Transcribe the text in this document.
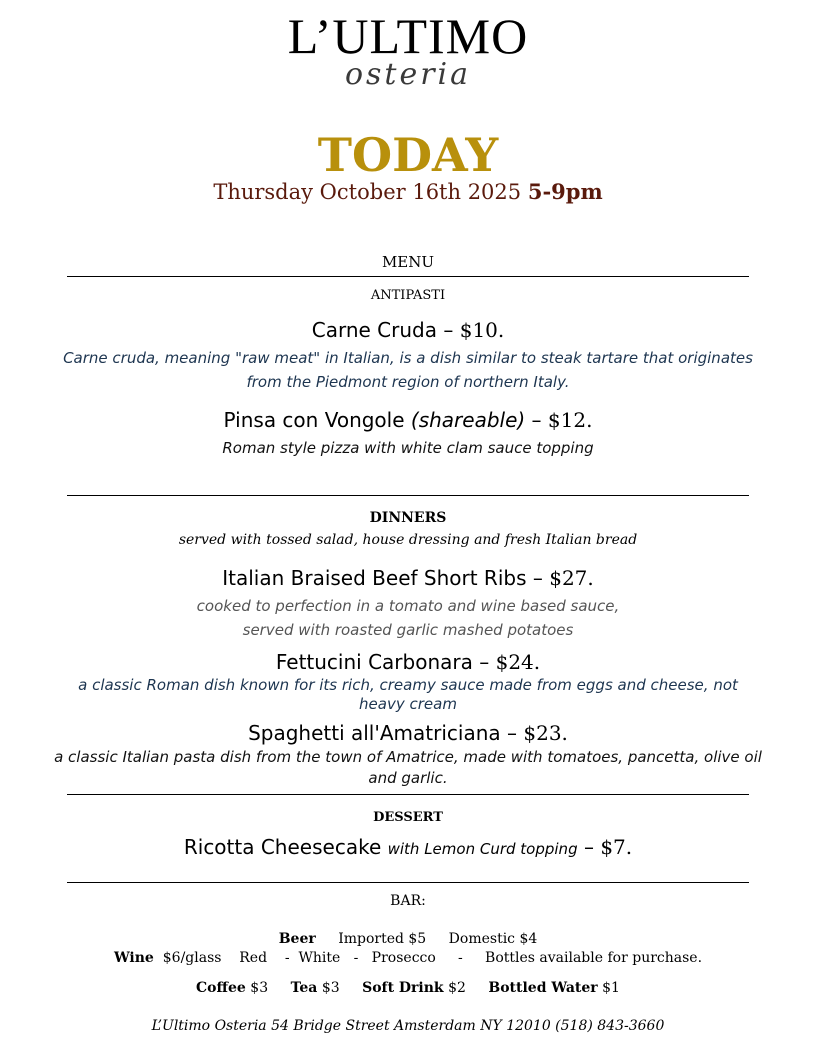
L’ULTIMO
osteria
TODAY
Thursday October 16th 2025 5-9pm
MENU
ANTIPASTI
Carne Cruda – $10.
Carne cruda, meaning "raw meat" in Italian, is a dish similar to steak tartare that originates from the Piedmont region of northern Italy.
Pinsa con Vongole (shareable) – $12.
Roman style pizza with white clam sauce topping
DINNERS
served with tossed salad, house dressing and fresh Italian bread
Italian Braised Beef Short Ribs – $27.
cooked to perfection in a tomato and wine based sauce,
served with roasted garlic mashed potatoes
Fettucini Carbonara – $24.
a classic Roman dish known for its rich, creamy sauce made from eggs and cheese, not heavy cream
Spaghetti all'Amatriciana – $23.
a classic Italian pasta dish from the town of Amatrice, made with tomatoes, pancetta, olive oil and garlic.
DESSERT
Ricotta Cheesecake with Lemon Curd topping – $7.
BAR:
Beer Imported $5 Domestic $4
Wine $6/glass    Red    -  White   -   Prosecco     -     Bottles available for purchase.
Coffee $3 Tea $3 Soft Drink $2 Bottled Water $1
L’Ultimo Osteria 54 Bridge Street Amsterdam NY 12010 (518) 843-3660
